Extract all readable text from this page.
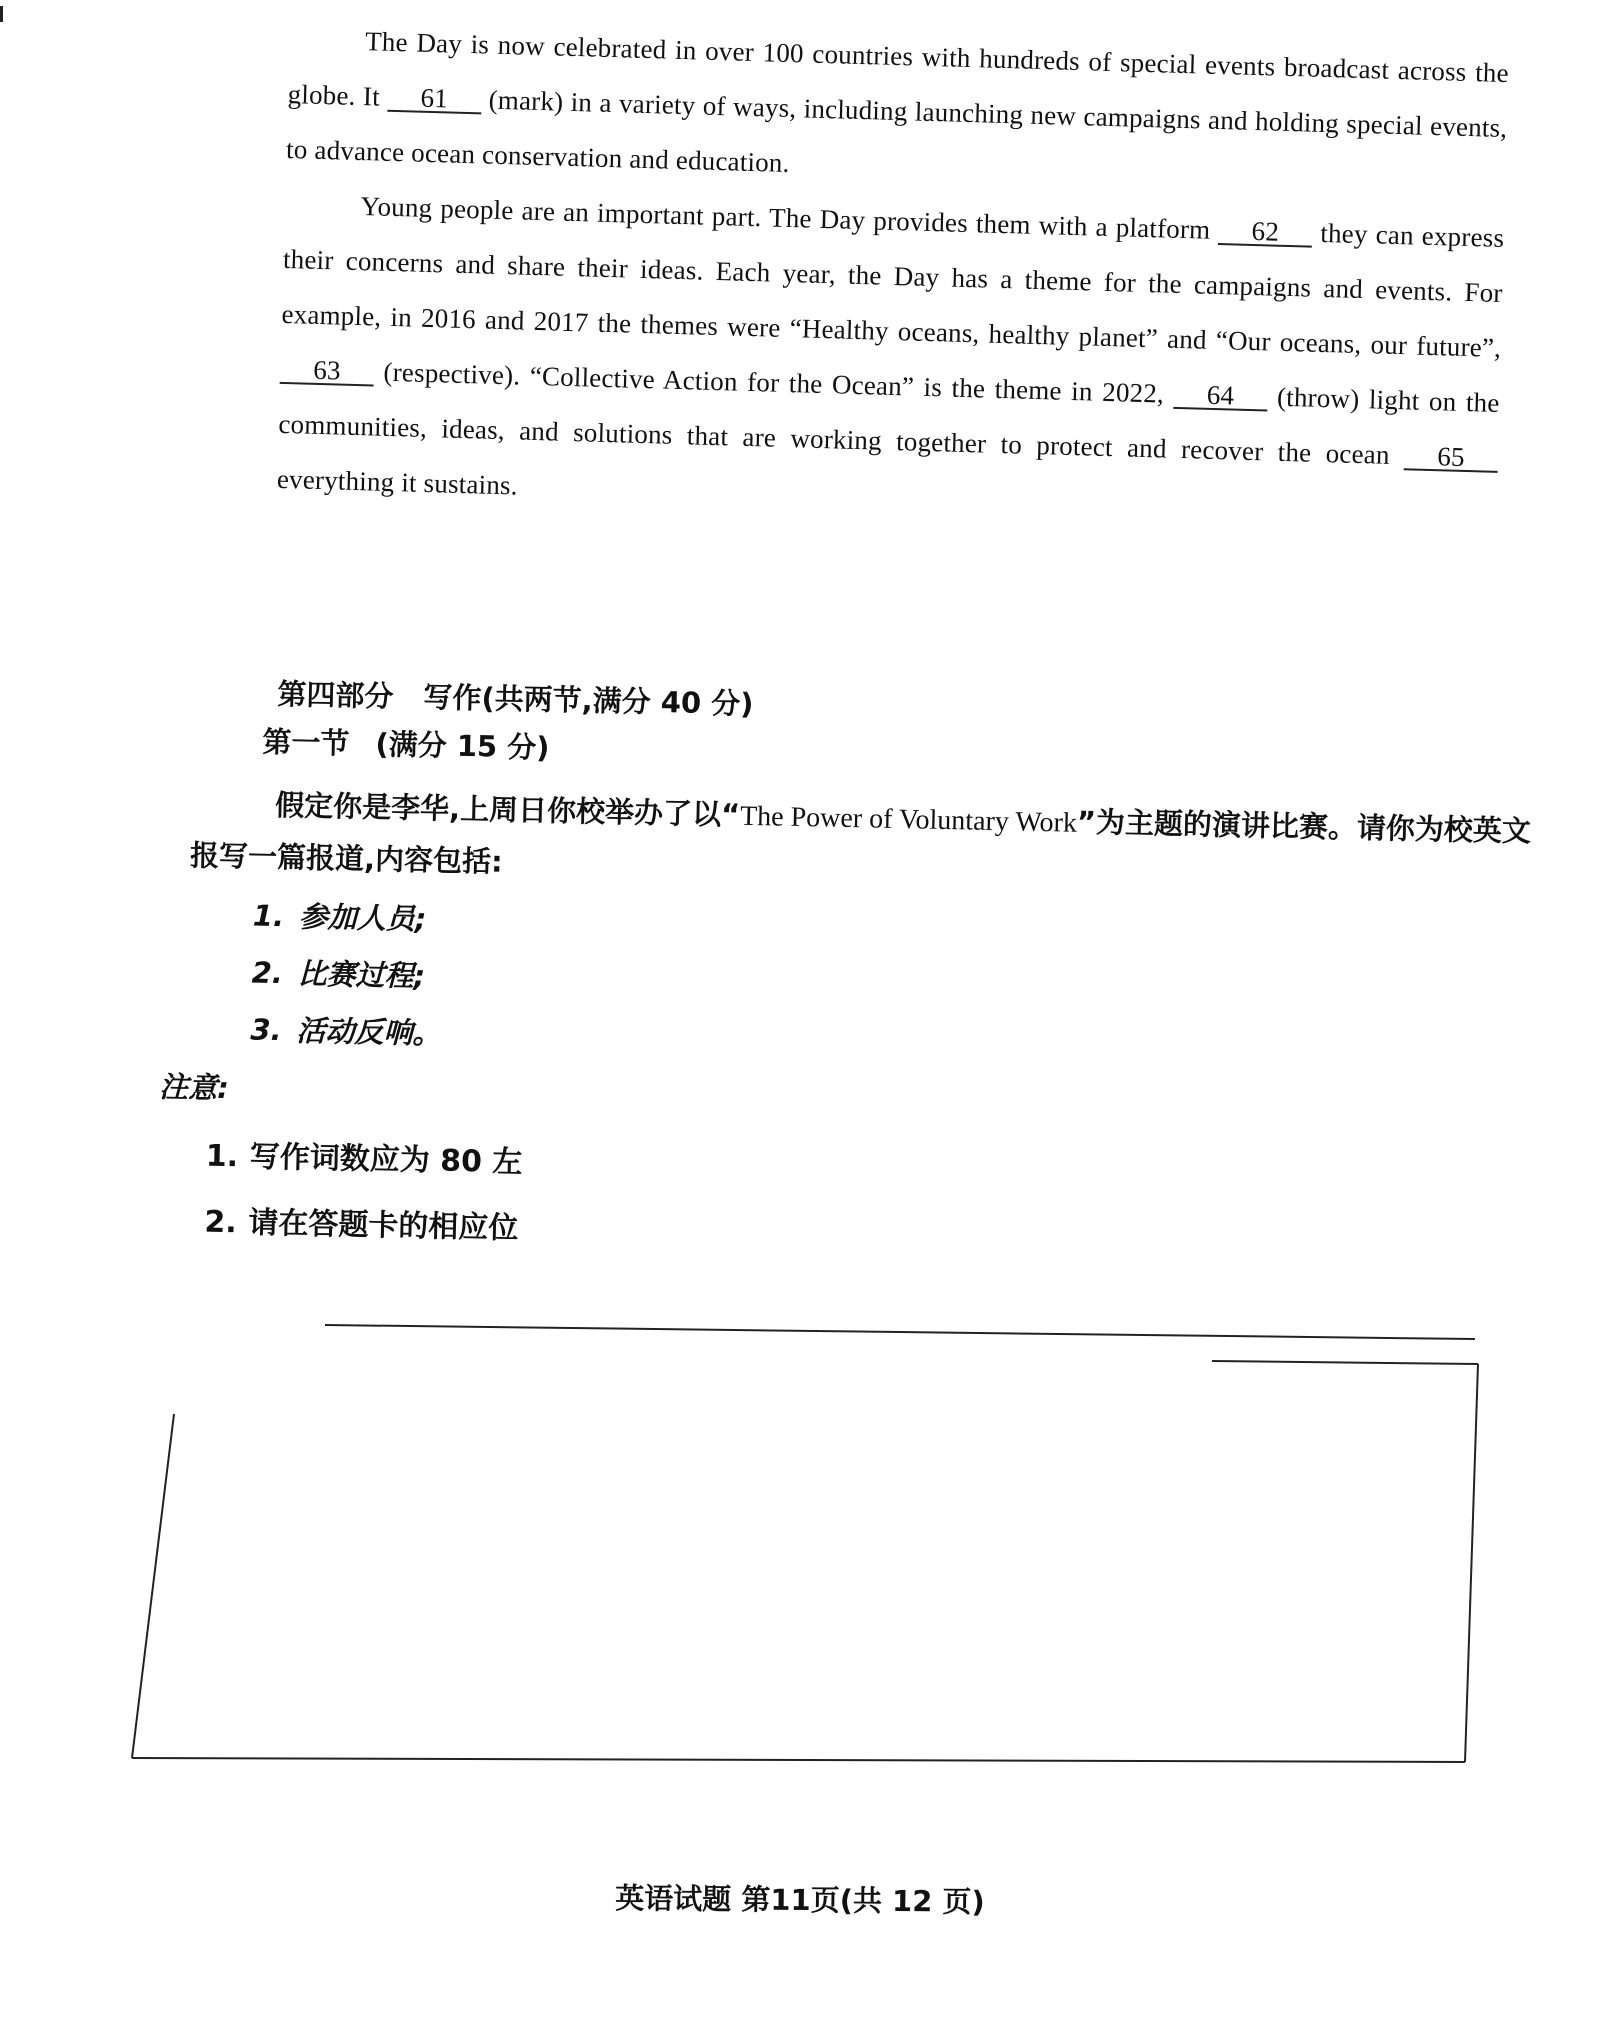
The Day is now celebrated in over 100 countries with hundreds of special events broadcast across the globe. It 61 (mark) in a variety of ways, including launching new campaigns and holding special events, to advance ocean conservation and education.

Young people are an important part. The Day provides them with a platform 62 they can express their concerns and share their ideas. Each year, the Day has a theme for the campaigns and events. For example, in 2016 and 2017 the themes were “Healthy oceans, healthy planet” and “Our oceans, our future”, 63 (respective). “Collective Action for the Ocean” is the theme in 2022, 64 (throw) light on the communities, ideas, and solutions that are working together to protect and recover the ocean 65 everything it sustains.

第四部分 写作(共两节,满分 40 分)
第一节 (满分 15 分)

假定你是李华,上周日你校举办了以“The Power of Voluntary Work”为主题的演讲比赛。请你为校英文报写一篇报道,内容包括:

1. 参加人员;
2. 比赛过程;
3. 活动反响。
注意:
1. 写作词数应为 80 左
2. 请在答题卡的相应位
英语试题 第11页(共 12 页)
